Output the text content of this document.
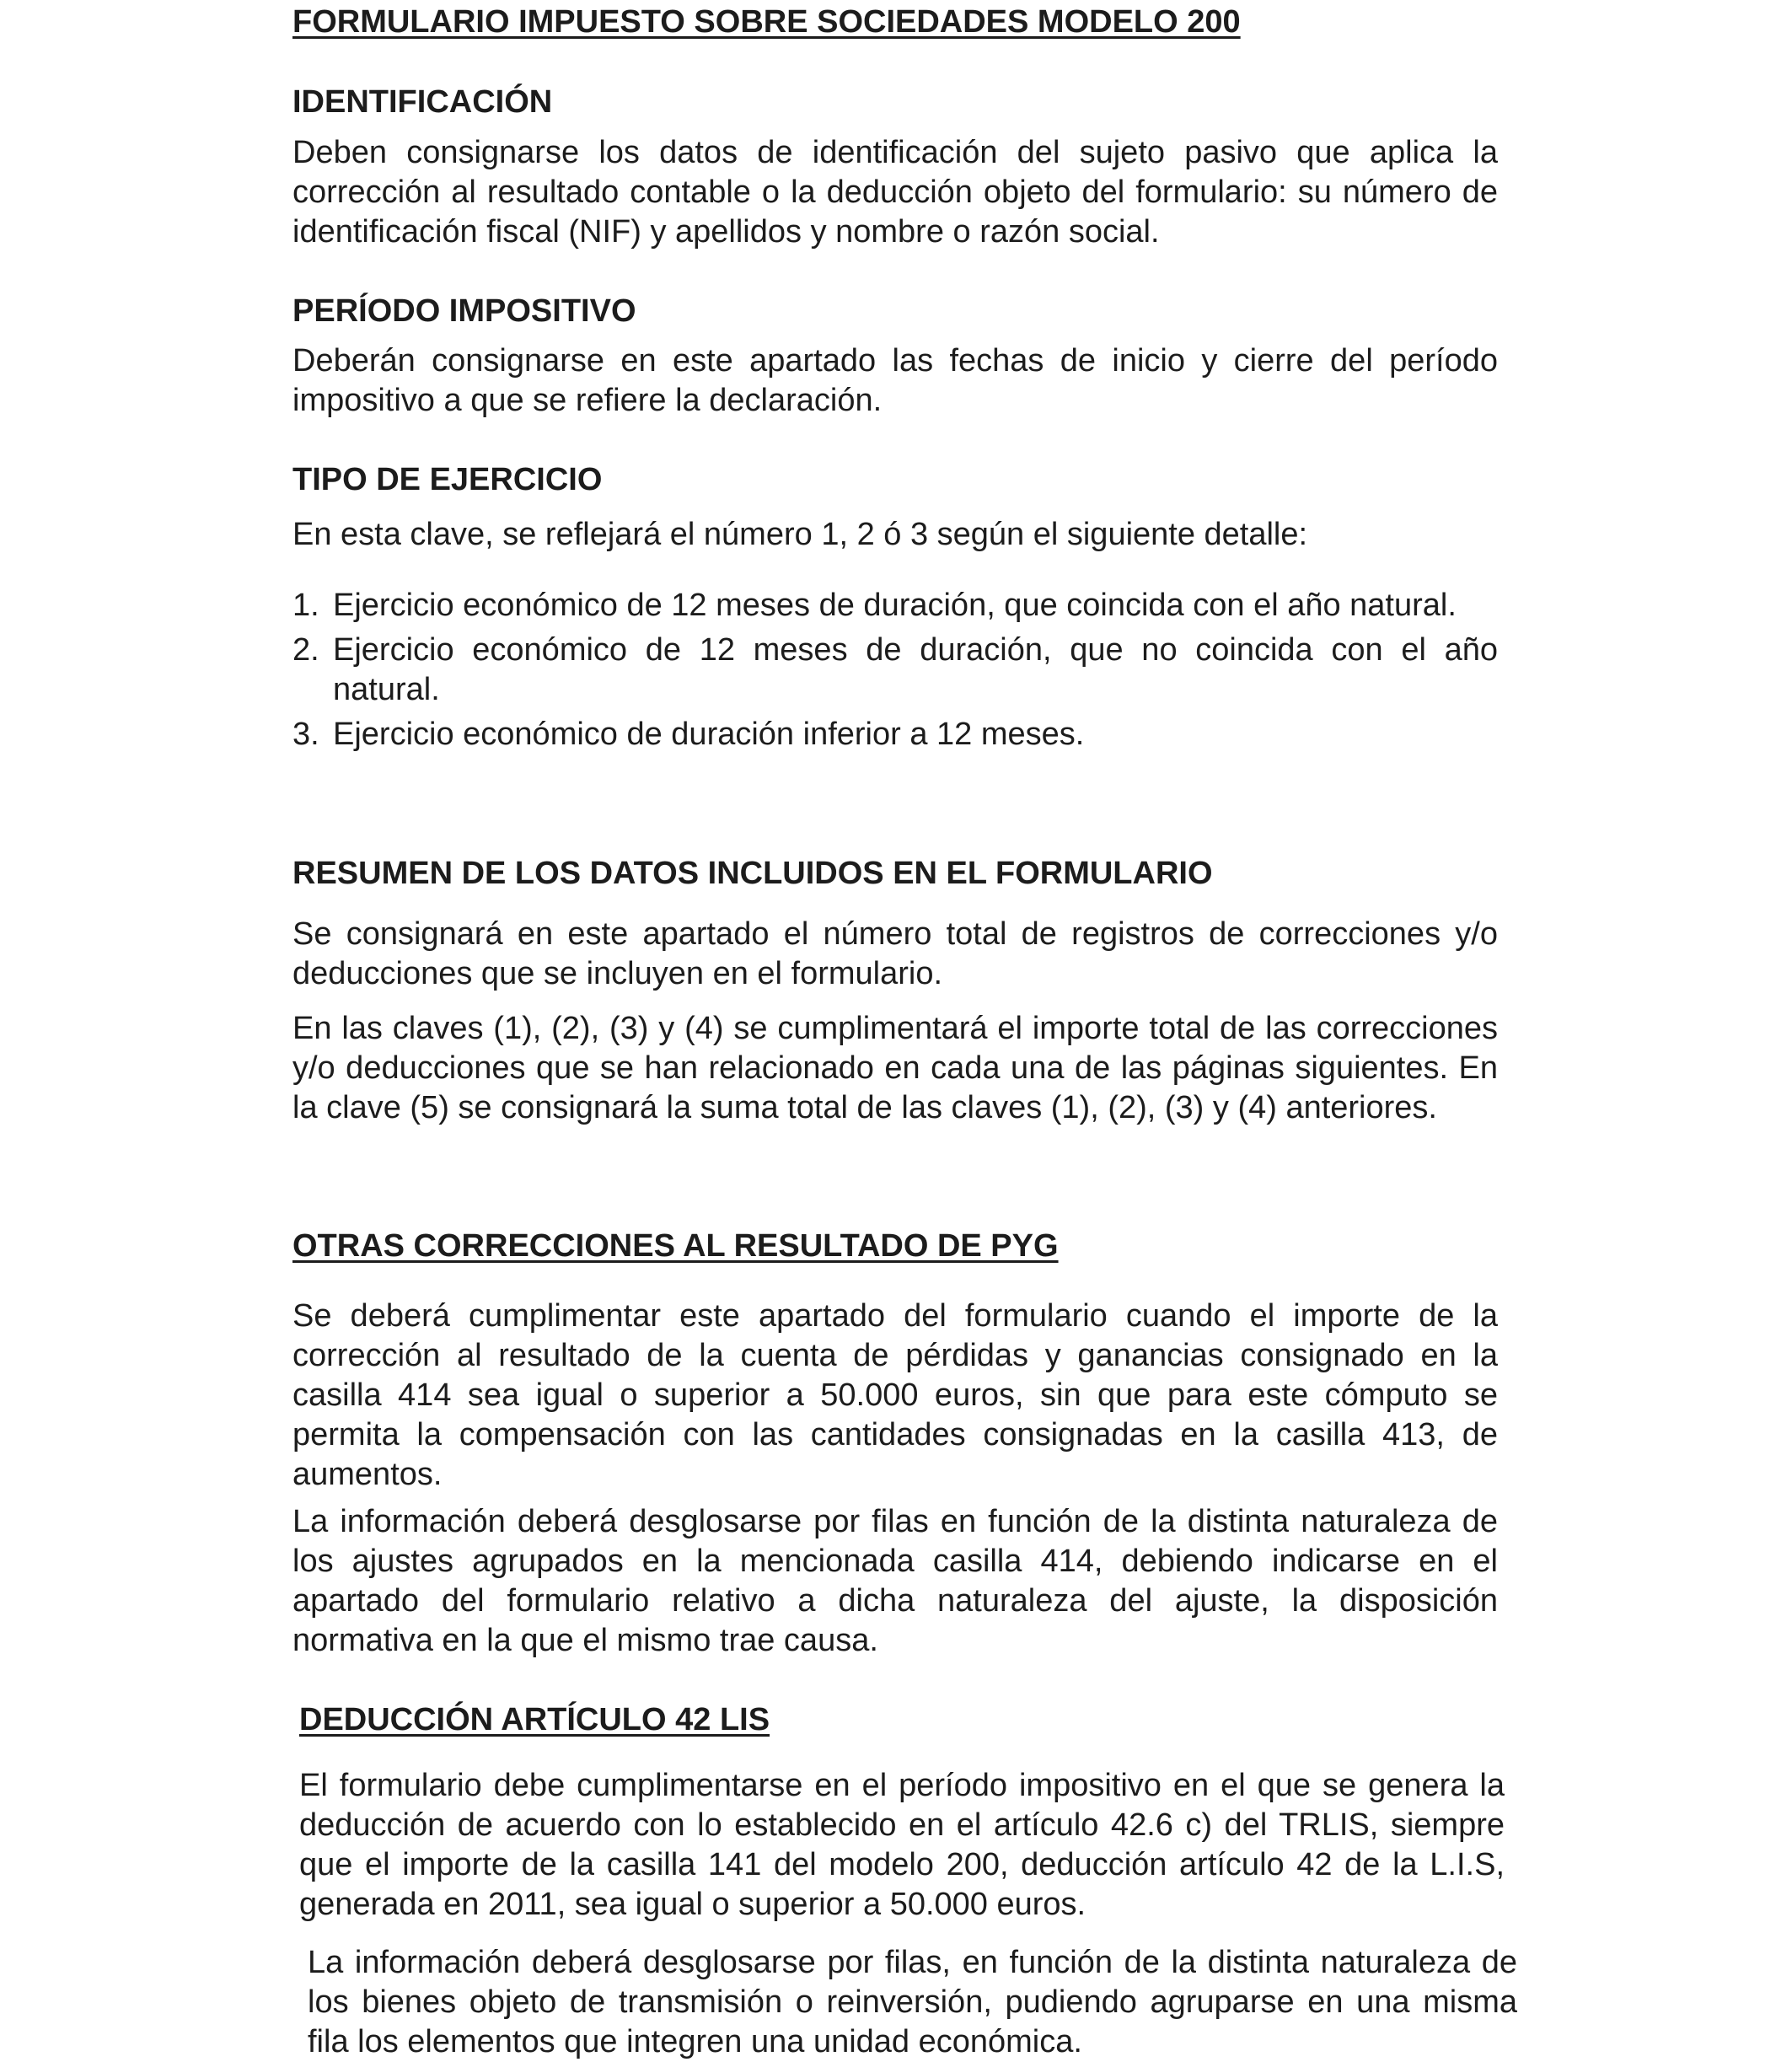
FORMULARIO IMPUESTO SOBRE SOCIEDADES MODELO 200
IDENTIFICACIÓN

Deben consignarse los datos de identificación del sujeto pasivo que aplica la corrección al resultado contable o la deducción objeto del formulario: su número de identificación fiscal (NIF) y apellidos y nombre o razón social.

PERÍODO IMPOSITIVO

Deberán consignarse en este apartado las fechas de inicio y cierre del período impositivo a que se refiere la declaración.

TIPO DE EJERCICIO

En esta clave, se reflejará el número 1, 2 ó 3 según el siguiente detalle:

1. Ejercicio económico de 12 meses de duración, que coincida con el año natural.
2. Ejercicio económico de 12 meses de duración, que no coincida con el año natural.
3. Ejercicio económico de duración inferior a 12 meses.
RESUMEN DE LOS DATOS INCLUIDOS EN EL FORMULARIO

Se consignará en este apartado el número total de registros de correcciones y/o deducciones que se incluyen en el formulario.

En las claves (1), (2), (3) y (4) se cumplimentará el importe total de las correcciones y/o deducciones que se han relacionado en cada una de las páginas siguientes. En la clave (5) se consignará la suma total de las claves (1), (2), (3) y (4) anteriores.

OTRAS CORRECCIONES AL RESULTADO DE PYG

Se deberá cumplimentar este apartado del formulario cuando el importe de la corrección al resultado de la cuenta de pérdidas y ganancias consignado en la casilla 414 sea igual o superior a 50.000 euros, sin que para este cómputo se permita la compensación con las cantidades consignadas en la casilla 413, de aumentos.

La información deberá desglosarse por filas en función de la distinta naturaleza de los ajustes agrupados en la mencionada casilla 414, debiendo indicarse en el apartado del formulario relativo a dicha naturaleza del ajuste, la disposición normativa en la que el mismo trae causa.

DEDUCCIÓN ARTÍCULO 42 LIS

El formulario debe cumplimentarse en el período impositivo en el que se genera la deducción de acuerdo con lo establecido en el artículo 42.6 c) del TRLIS, siempre que el importe de la casilla 141 del modelo 200, deducción artículo 42 de la L.I.S, generada en 2011, sea igual o superior a 50.000 euros.

La información deberá desglosarse por filas, en función de la distinta naturaleza de los bienes objeto de transmisión o reinversión, pudiendo agruparse en una misma fila los elementos que integren una unidad económica.
